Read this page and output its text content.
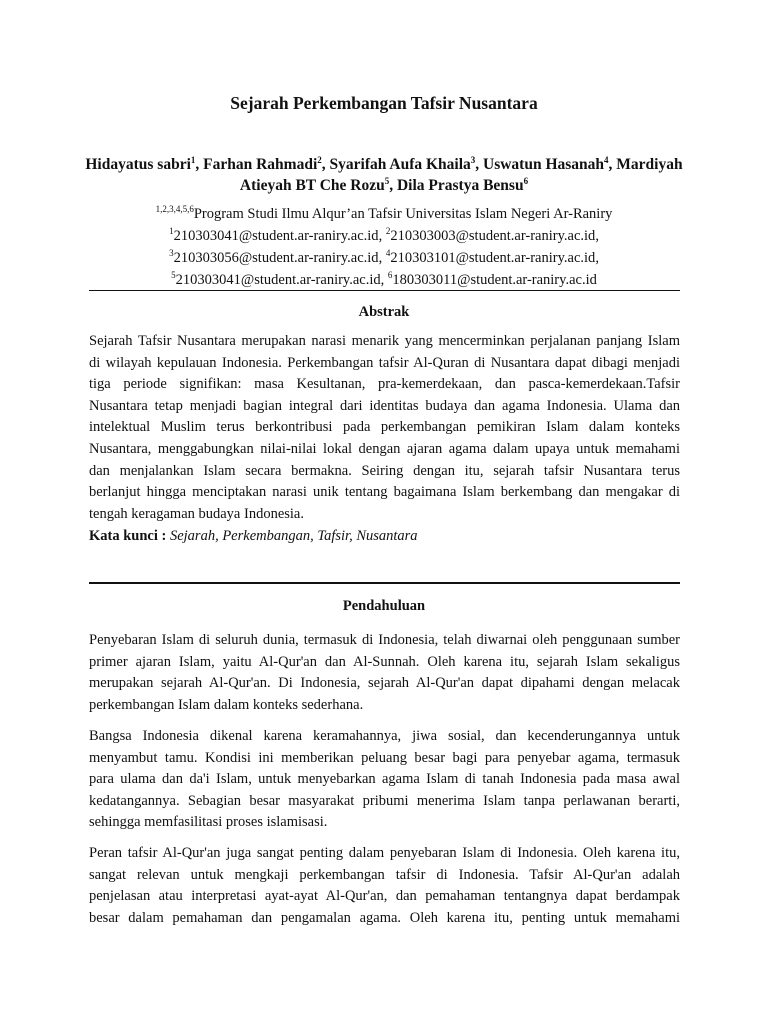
Sejarah Perkembangan Tafsir Nusantara
Hidayatus sabri$^1$, Farhan Rahmadi$^2$, Syarifah Aufa Khaila$^3$, Uswatun Hasanah$^4$, Mardiyah
Atieyah BT Che Rozu$^5$, Dila Prastya Bensu$^6$
$^{1,2,3,4,5,6}$Program Studi Ilmu Alqur’an Tafsir Universitas Islam Negeri Ar-Raniry
$^1$210303041@student.ar-raniry.ac.id, $^2$210303003@student.ar-raniry.ac.id,
$^3$210303056@student.ar-raniry.ac.id, $^4$210303101@student.ar-raniry.ac.id,
$^5$210303041@student.ar-raniry.ac.id, $^6$180303011@student.ar-raniry.ac.id
Abstrak
Sejarah Tafsir Nusantara merupakan narasi menarik yang mencerminkan perjalanan panjang Islam
di wilayah kepulauan Indonesia. Perkembangan tafsir Al-Quran di Nusantara dapat dibagi menjadi
tiga periode signifikan: masa Kesultanan, pra-kemerdekaan, dan pasca-kemerdekaan.Tafsir
Nusantara tetap menjadi bagian integral dari identitas budaya dan agama Indonesia. Ulama dan
intelektual Muslim terus berkontribusi pada perkembangan pemikiran Islam dalam konteks
Nusantara, menggabungkan nilai-nilai lokal dengan ajaran agama dalam upaya untuk memahami
dan menjalankan Islam secara bermakna. Seiring dengan itu, sejarah tafsir Nusantara terus
berlanjut hingga menciptakan narasi unik tentang bagaimana Islam berkembang dan mengakar di
tengah keragaman budaya Indonesia.
Kata kunci : Sejarah, Perkembangan, Tafsir, Nusantara
Pendahuluan
Penyebaran Islam di seluruh dunia, termasuk di Indonesia, telah diwarnai oleh penggunaan sumber
primer ajaran Islam, yaitu Al-Qur'an dan Al-Sunnah. Oleh karena itu, sejarah Islam sekaligus
merupakan sejarah Al-Qur'an. Di Indonesia, sejarah Al-Qur'an dapat dipahami dengan melacak
perkembangan Islam dalam konteks sederhana.
Bangsa Indonesia dikenal karena keramahannya, jiwa sosial, dan kecenderungannya untuk
menyambut tamu. Kondisi ini memberikan peluang besar bagi para penyebar agama, termasuk
para ulama dan da'i Islam, untuk menyebarkan agama Islam di tanah Indonesia pada masa awal
kedatangannya. Sebagian besar masyarakat pribumi menerima Islam tanpa perlawanan berarti,
sehingga memfasilitasi proses islamisasi.
Peran tafsir Al-Qur'an juga sangat penting dalam penyebaran Islam di Indonesia. Oleh karena itu,
sangat relevan untuk mengkaji perkembangan tafsir di Indonesia. Tafsir Al-Qur'an adalah
penjelasan atau interpretasi ayat-ayat Al-Qur'an, dan pemahaman tentangnya dapat berdampak
besar dalam pemahaman dan pengamalan agama. Oleh karena itu, penting untuk memahami
